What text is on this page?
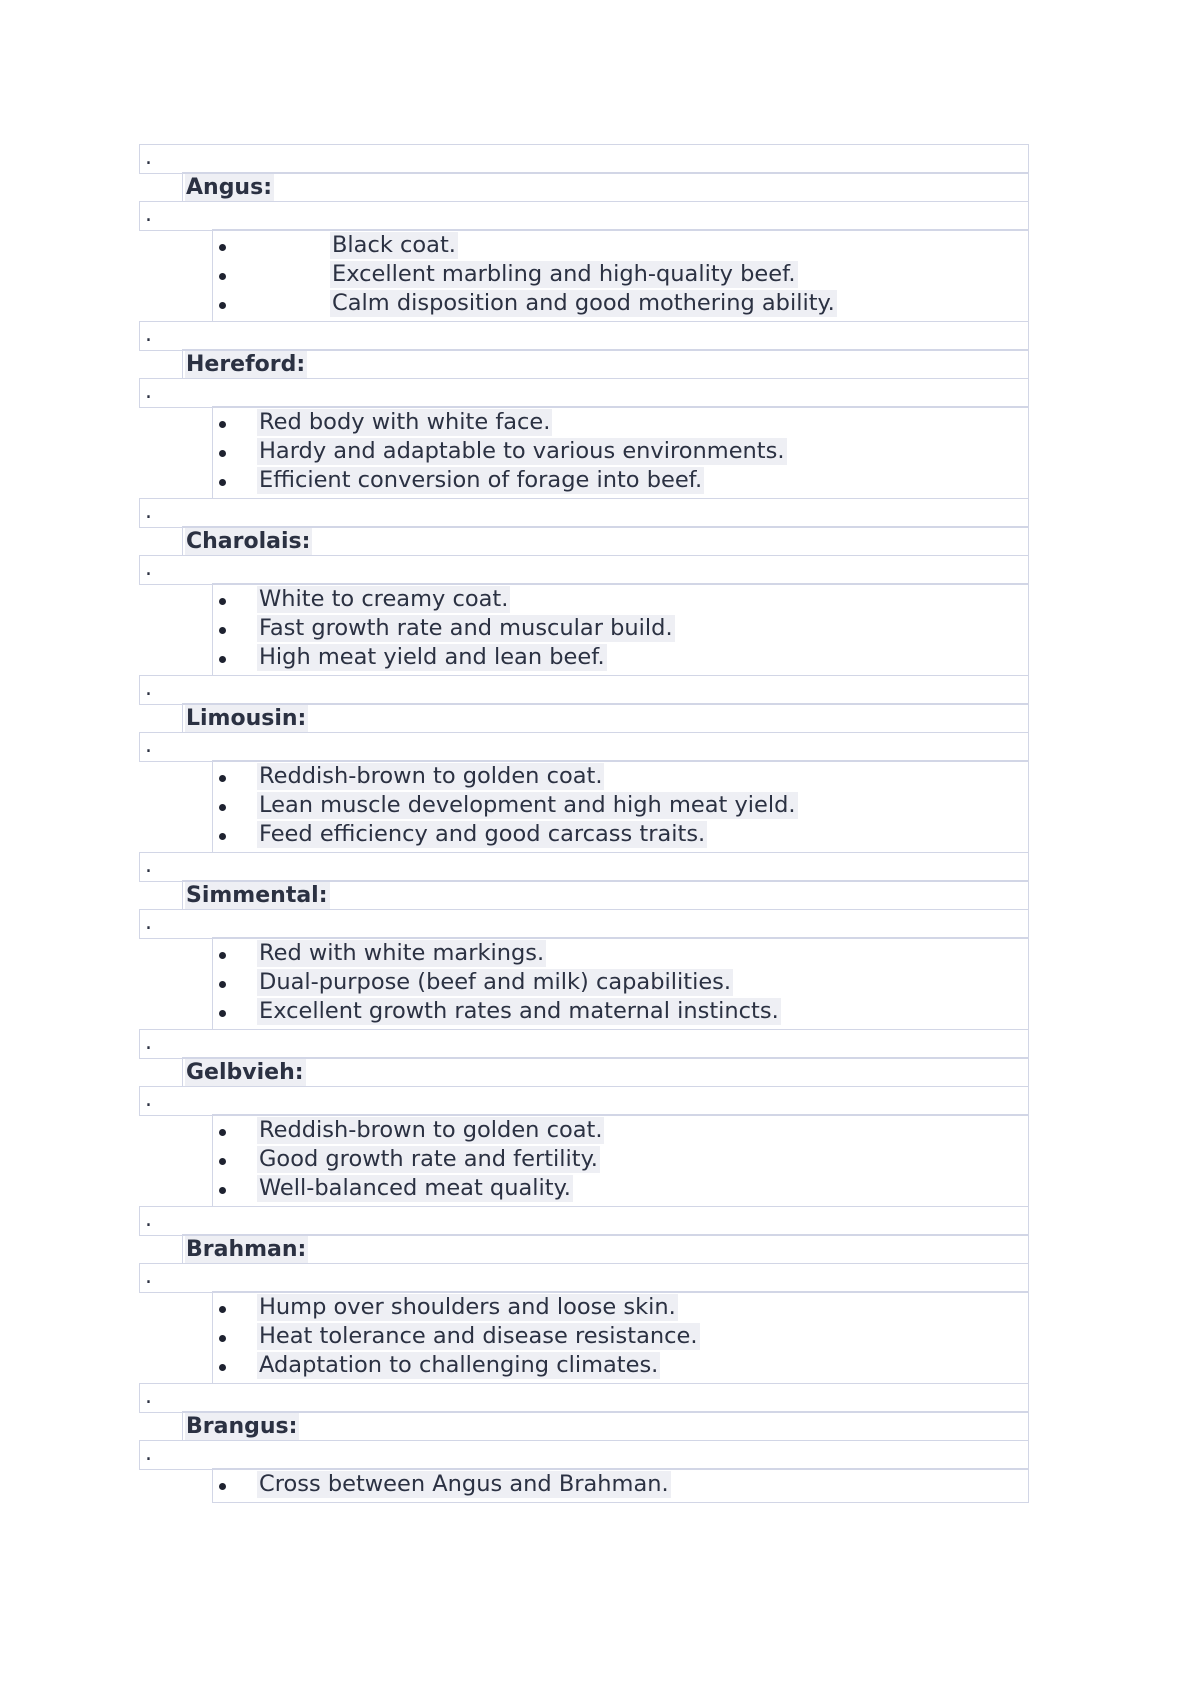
.
Angus:
.
Black coat.
Excellent marbling and high-quality beef.
Calm disposition and good mothering ability.
.
Hereford:
.
Red body with white face.
Hardy and adaptable to various environments.
Efficient conversion of forage into beef.
.
Charolais:
.
White to creamy coat.
Fast growth rate and muscular build.
High meat yield and lean beef.
.
Limousin:
.
Reddish-brown to golden coat.
Lean muscle development and high meat yield.
Feed efficiency and good carcass traits.
.
Simmental:
.
Red with white markings.
Dual-purpose (beef and milk) capabilities.
Excellent growth rates and maternal instincts.
.
Gelbvieh:
.
Reddish-brown to golden coat.
Good growth rate and fertility.
Well-balanced meat quality.
.
Brahman:
.
Hump over shoulders and loose skin.
Heat tolerance and disease resistance.
Adaptation to challenging climates.
.
Brangus:
.
Cross between Angus and Brahman.
